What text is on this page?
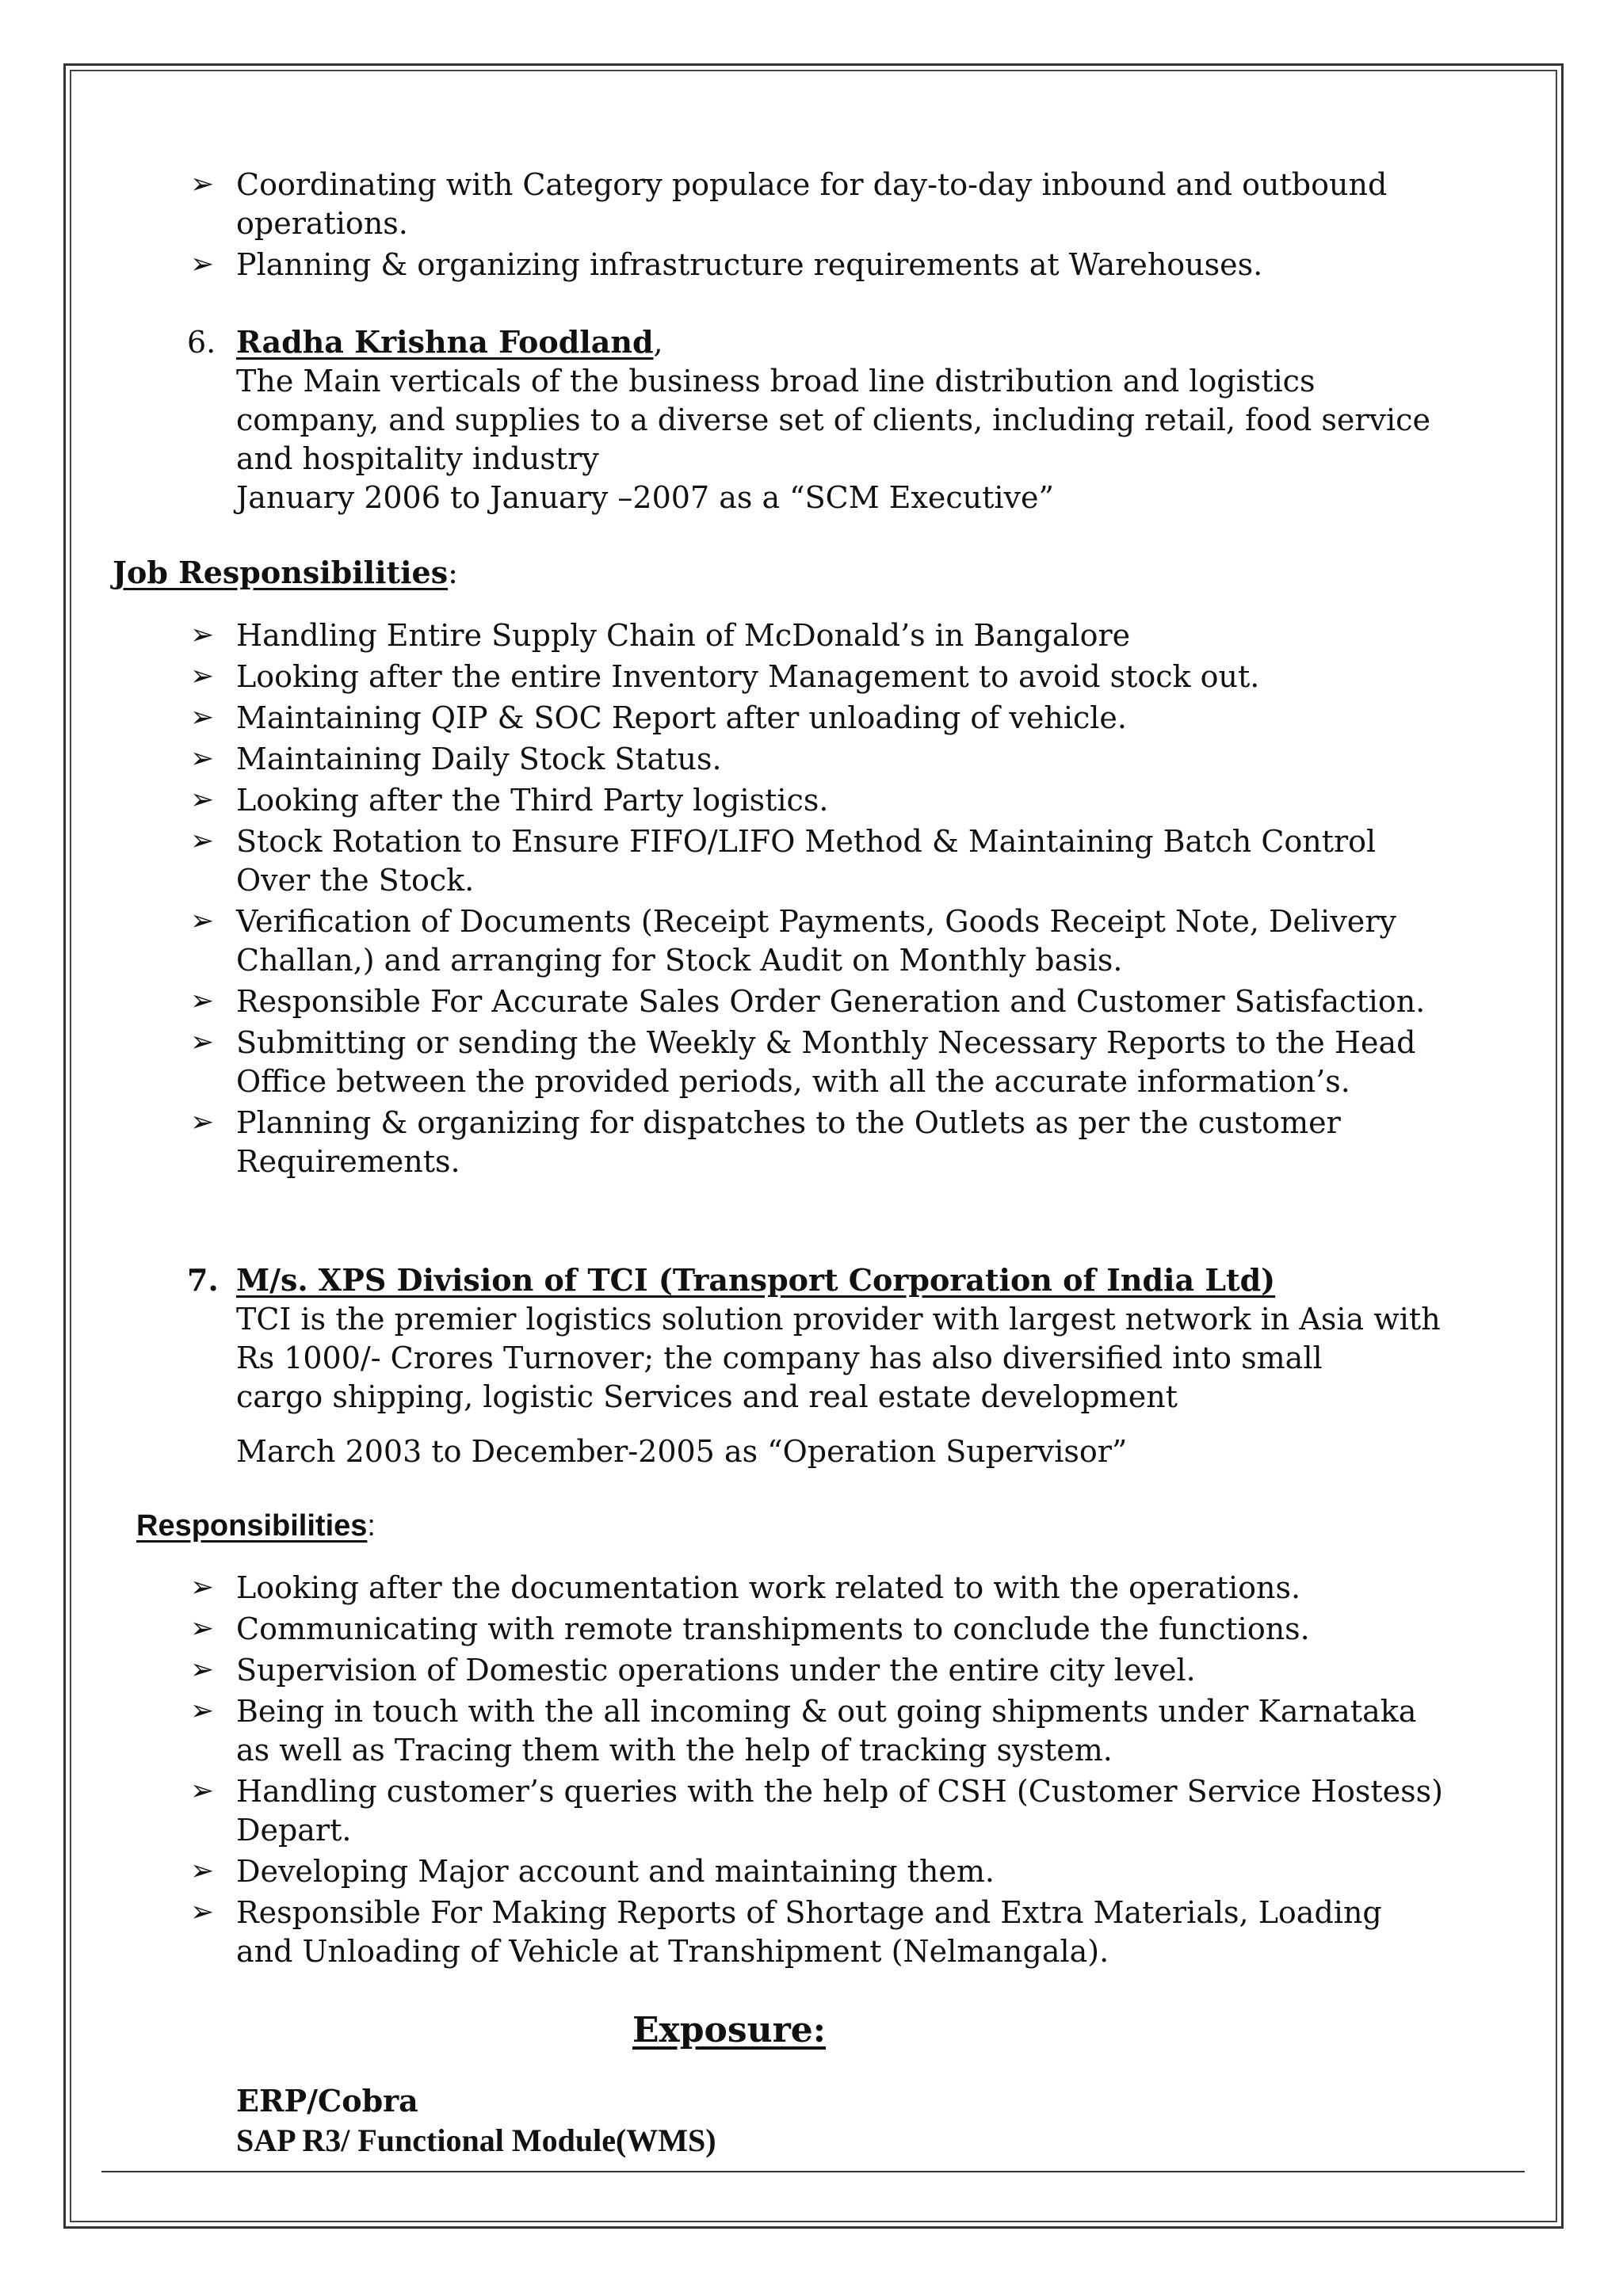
➢ Coordinating with Category populace for day-to-day inbound and outbound
operations.
➢ Planning & organizing infrastructure requirements at Warehouses.
6. Radha Krishna Foodland,
The Main verticals of the business broad line distribution and logistics
company, and supplies to a diverse set of clients, including retail, food service
and hospitality industry
January 2006 to January –2007 as a “SCM Executive”
Job Responsibilities:
➢ Handling Entire Supply Chain of McDonald’s in Bangalore
➢ Looking after the entire Inventory Management to avoid stock out.
➢ Maintaining QIP & SOC Report after unloading of vehicle.
➢ Maintaining Daily Stock Status.
➢ Looking after the Third Party logistics.
➢ Stock Rotation to Ensure FIFO/LIFO Method & Maintaining Batch Control
Over the Stock.
➢ Verification of Documents (Receipt Payments, Goods Receipt Note, Delivery
Challan,) and arranging for Stock Audit on Monthly basis.
➢ Responsible For Accurate Sales Order Generation and Customer Satisfaction.
➢ Submitting or sending the Weekly & Monthly Necessary Reports to the Head
Office between the provided periods, with all the accurate information’s.
➢ Planning & organizing for dispatches to the Outlets as per the customer
Requirements.
7. M/s. XPS Division of TCI (Transport Corporation of India Ltd)
TCI is the premier logistics solution provider with largest network in Asia with
Rs 1000/- Crores Turnover; the company has also diversified into small
cargo shipping, logistic Services and real estate development
March 2003 to December-2005 as “Operation Supervisor”
Responsibilities:
➢ Looking after the documentation work related to with the operations.
➢ Communicating with remote transhipments to conclude the functions.
➢ Supervision of Domestic operations under the entire city level.
➢ Being in touch with the all incoming & out going shipments under Karnataka
as well as Tracing them with the help of tracking system.
➢ Handling customer’s queries with the help of CSH (Customer Service Hostess)
Depart.
➢ Developing Major account and maintaining them.
➢ Responsible For Making Reports of Shortage and Extra Materials, Loading
and Unloading of Vehicle at Transhipment (Nelmangala).
Exposure:
ERP/Cobra
SAP R3/ Functional Module(WMS)
